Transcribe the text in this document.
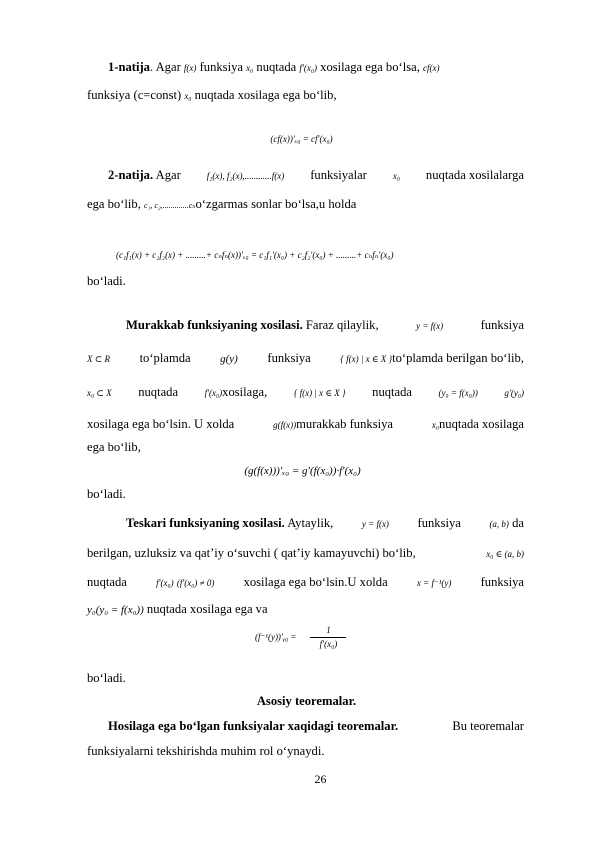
1-natija. Agar f(x) funksiya x₀ nuqtada f′(x₀) xosilaga ega bo‘lsa, cf(x)
funksiya (c=const) x₀ nuqtada xosilaga ega bo‘lib,
(cf(x))′ₓ₀ = cf′(x₀)
2-natija. Agar	f₁(x), f₂(x),............f(x) funksiyalar	x₀ nuqtada xosilalarga
ega bo‘lib, c₁, c₂,.............cₙo‘zgarmas sonlar bo‘lsa,u holda
(c₁f₁(x) + c₂f₂(x) + .........+ cₙfₙ(x))′ₓ₀ = c₁f₁′(x₀) + c₂f₂′(x₀) + .........+ cₙfₙ′(x₀)
bo‘ladi.
Murakkab funksiyaning xosilasi. Faraz qilaylik,	y = f(x)	funksiya
X ⊂ R to‘plamda	g(y) funksiya	{ f(x) | x ∈ X }to‘plamda berilgan bo‘lib,
x₀ ⊂ X nuqtada	f′(x₀)xosilaga,	{ f(x) | x ∈ X } nuqtada	(y₀ = f(x₀))	g′(y₀)
xosilaga ega bo‘lsin. U xolda	g(f(x))murakkab funksiya	x₀nuqtada xosilaga
ega bo‘lib,
(g(f(x)))′ₓ₀ = g′(f(x₀))·f′(x₀)
bo‘ladi.
Teskari funksiyaning xosilasi. Aytaylik,	y = f(x) funksiya	(a, b) da
berilgan, uzluksiz va qat’iy o‘suvchi ( qat’iy kamayuvchi) bo‘lib,	x₀ ∈ (a, b)
nuqtada	f′(x₀) (f′(x₀) ≠ 0) xosilaga ega bo‘lsin.U xolda	x = f⁻¹(y) funksiya
y₀(y₀ = f(x₀)) nuqtada xosilaga ega va
(f⁻¹(y))′ᵧ₀ =
1
f′(x₀)
bo‘ladi.
Asosiy teoremalar.
Hosilaga ega bo‘lgan funksiyalar xaqidagi teoremalar.	Bu teoremalar
funksiyalarni tekshirishda muhim rol o‘ynaydi.
26
